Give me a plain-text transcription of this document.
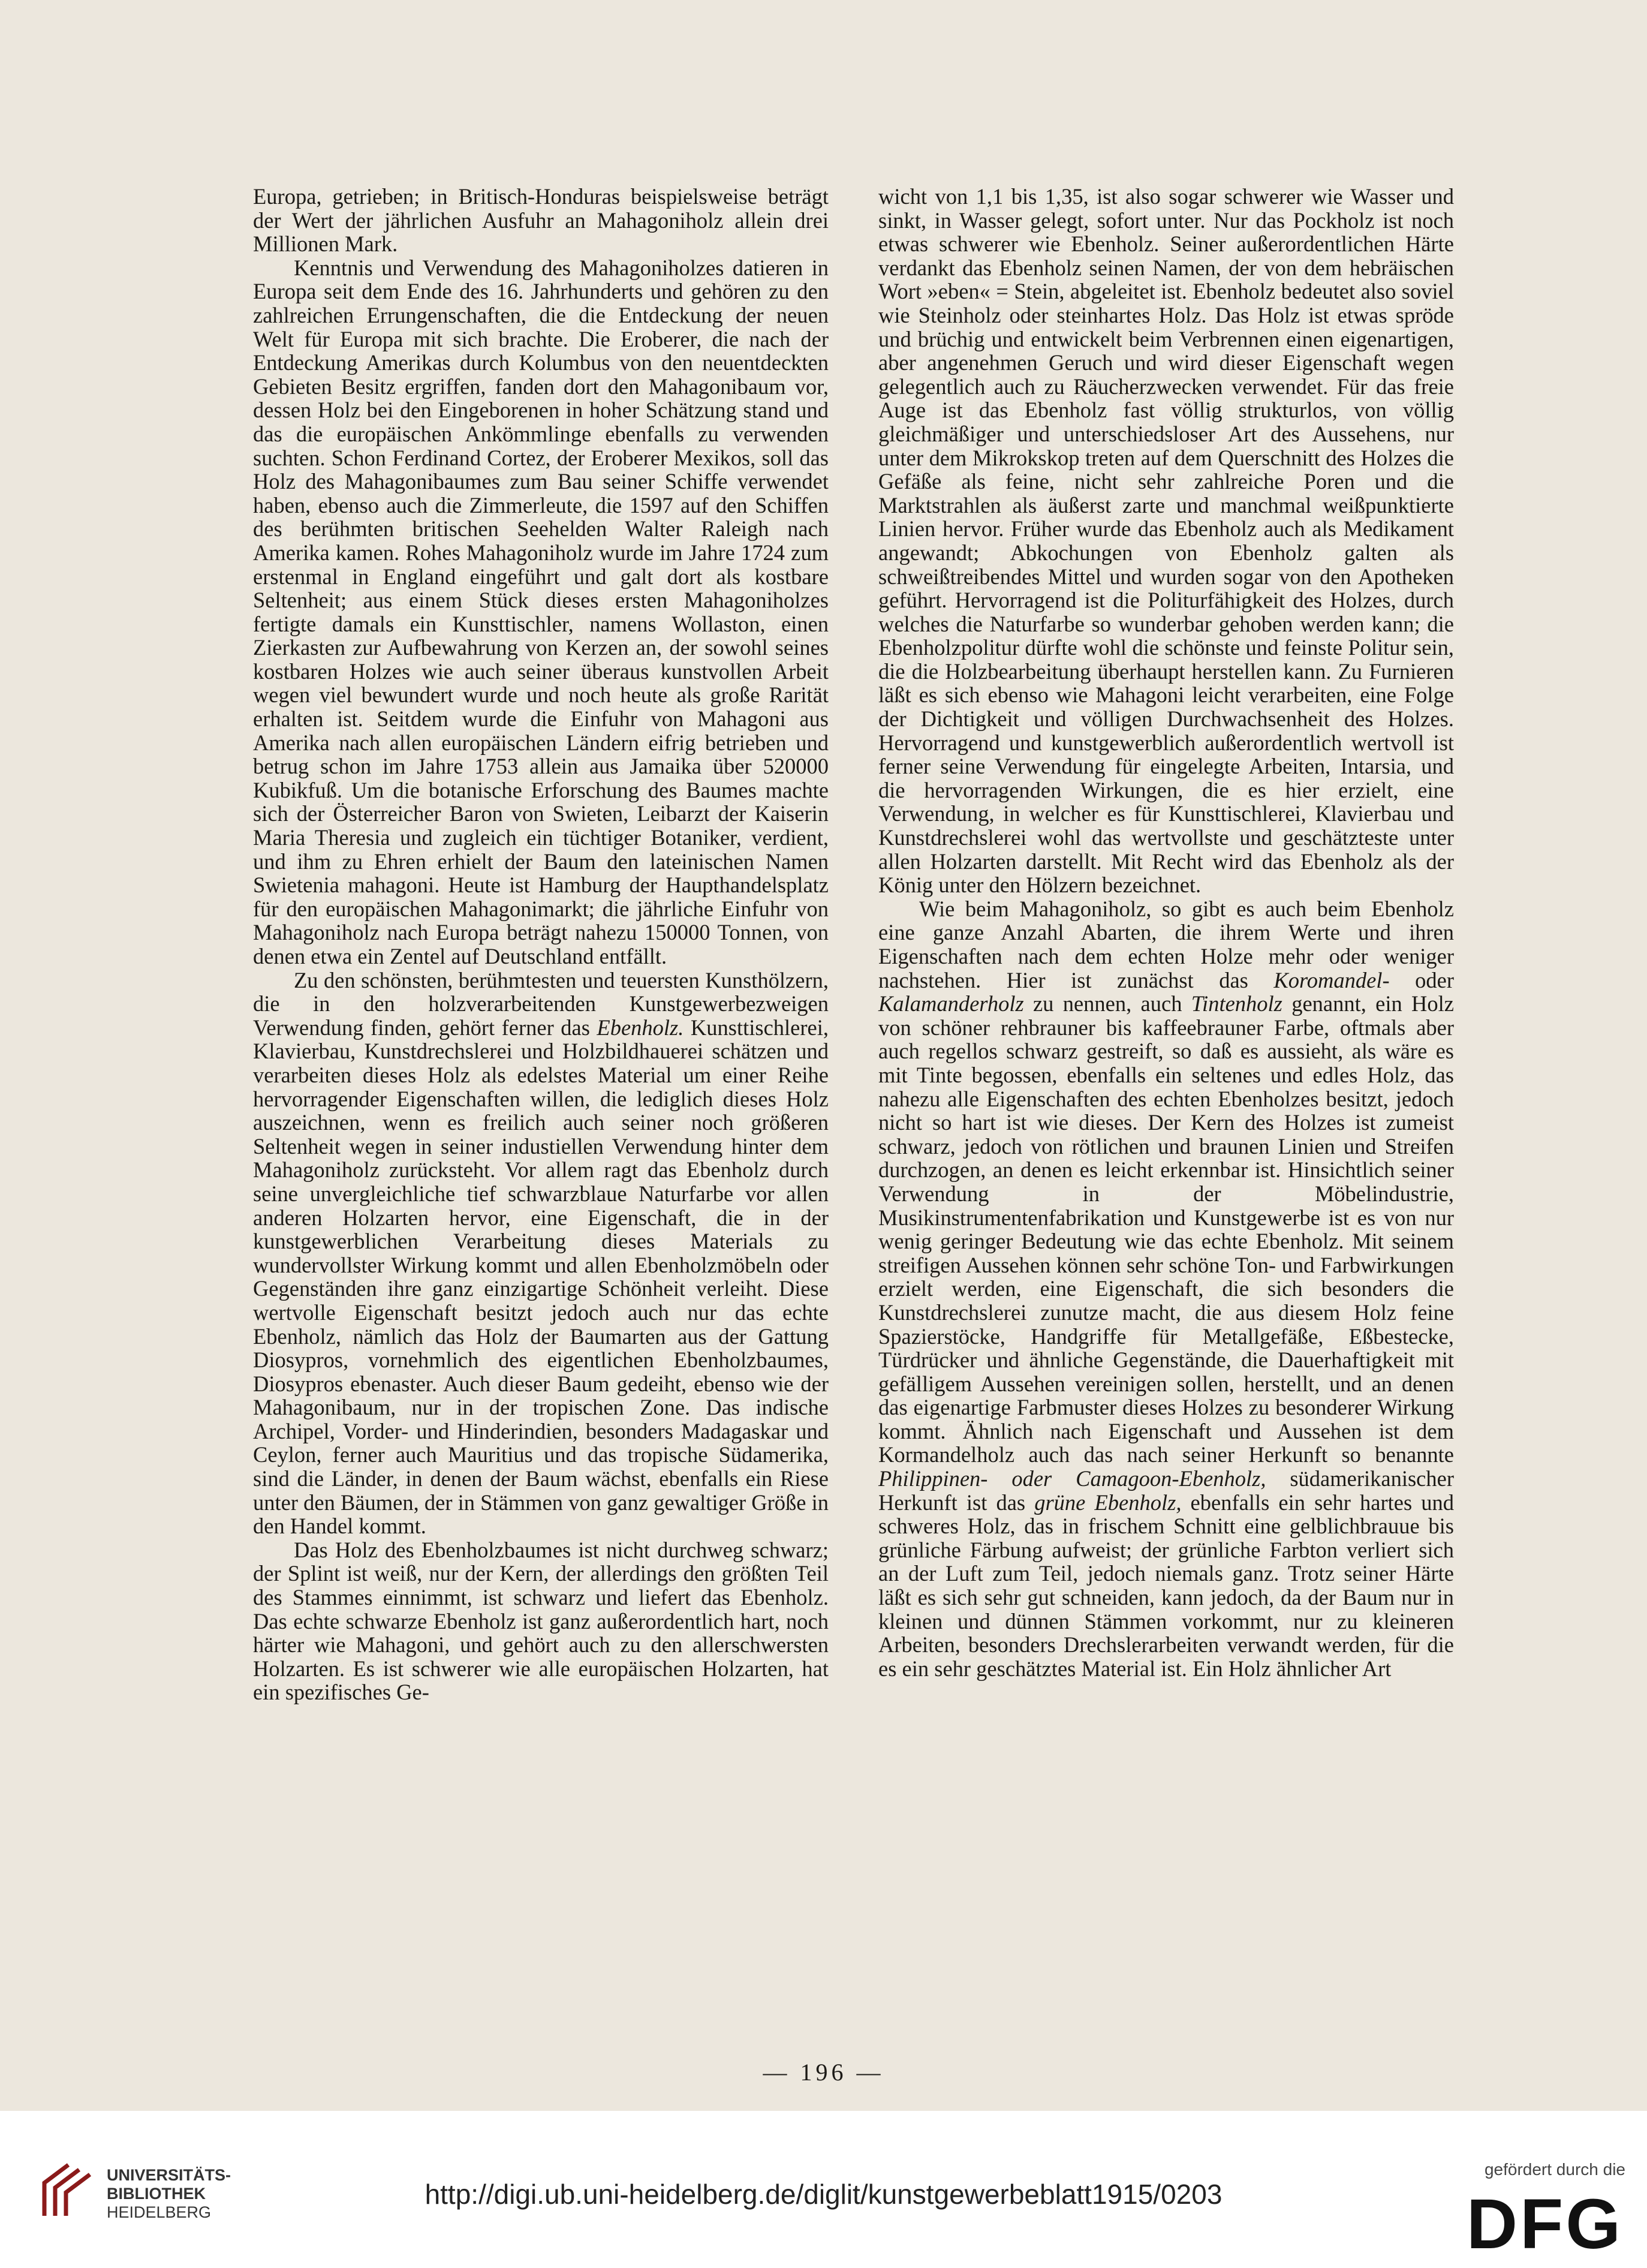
Europa, getrieben; in Britisch-Honduras beispielsweise beträgt der Wert der jährlichen Ausfuhr an Mahagoniholz allein drei Millionen Mark.

Kenntnis und Verwendung des Mahagoniholzes datieren in Europa seit dem Ende des 16. Jahrhunderts und gehören zu den zahlreichen Errungenschaften, die die Entdeckung der neuen Welt für Europa mit sich brachte. Die Eroberer, die nach der Entdeckung Amerikas durch Kolumbus von den neuentdeckten Gebieten Besitz ergriffen, fanden dort den Mahagonibaum vor, dessen Holz bei den Eingeborenen in hoher Schätzung stand und das die europäischen Ankömmlinge ebenfalls zu verwenden suchten. Schon Ferdinand Cortez, der Eroberer Mexikos, soll das Holz des Mahagonibaumes zum Bau seiner Schiffe verwendet haben, ebenso auch die Zimmerleute, die 1597 auf den Schiffen des berühmten britischen Seehelden Walter Raleigh nach Amerika kamen. Rohes Mahagoniholz wurde im Jahre 1724 zum erstenmal in England eingeführt und galt dort als kostbare Seltenheit; aus einem Stück dieses ersten Mahagoniholzes fertigte damals ein Kunsttischler, namens Wollaston, einen Zierkasten zur Aufbewahrung von Kerzen an, der sowohl seines kostbaren Holzes wie auch seiner überaus kunstvollen Arbeit wegen viel bewundert wurde und noch heute als große Rarität erhalten ist. Seitdem wurde die Einfuhr von Mahagoni aus Amerika nach allen europäischen Ländern eifrig betrieben und betrug schon im Jahre 1753 allein aus Jamaika über 520000 Kubikfuß. Um die botanische Erforschung des Baumes machte sich der Österreicher Baron von Swieten, Leibarzt der Kaiserin Maria Theresia und zugleich ein tüchtiger Botaniker, verdient, und ihm zu Ehren erhielt der Baum den lateinischen Namen Swietenia mahagoni. Heute ist Hamburg der Haupthandelsplatz für den europäischen Mahagonimarkt; die jährliche Einfuhr von Mahagoniholz nach Europa beträgt nahezu 150000 Tonnen, von denen etwa ein Zentel auf Deutschland entfällt.

Zu den schönsten, berühmtesten und teuersten Kunsthölzern, die in den holzverarbeitenden Kunstgewerbezweigen Verwendung finden, gehört ferner das Ebenholz. Kunsttischlerei, Klavierbau, Kunstdrechslerei und Holzbildhauerei schätzen und verarbeiten dieses Holz als edelstes Material um einer Reihe hervorragender Eigenschaften willen, die lediglich dieses Holz auszeichnen, wenn es freilich auch seiner noch größeren Seltenheit wegen in seiner industiellen Verwendung hinter dem Mahagoniholz zurücksteht. Vor allem ragt das Ebenholz durch seine unvergleichliche tief schwarzblaue Naturfarbe vor allen anderen Holzarten hervor, eine Eigenschaft, die in der kunstgewerblichen Verarbeitung dieses Materials zu wundervollster Wirkung kommt und allen Ebenholzmöbeln oder Gegenständen ihre ganz einzigartige Schönheit verleiht. Diese wertvolle Eigenschaft besitzt jedoch auch nur das echte Ebenholz, nämlich das Holz der Baumarten aus der Gattung Diosypros, vornehmlich des eigentlichen Ebenholzbaumes, Diosypros ebenaster. Auch dieser Baum gedeiht, ebenso wie der Mahagonibaum, nur in der tropischen Zone. Das indische Archipel, Vorder- und Hinderindien, besonders Madagaskar und Ceylon, ferner auch Mauritius und das tropische Südamerika, sind die Länder, in denen der Baum wächst, ebenfalls ein Riese unter den Bäumen, der in Stämmen von ganz gewaltiger Größe in den Handel kommt.

Das Holz des Ebenholzbaumes ist nicht durchweg schwarz; der Splint ist weiß, nur der Kern, der allerdings den größten Teil des Stammes einnimmt, ist schwarz und liefert das Ebenholz. Das echte schwarze Ebenholz ist ganz außerordentlich hart, noch härter wie Mahagoni, und gehört auch zu den allerschwersten Holzarten. Es ist schwerer wie alle europäischen Holzarten, hat ein spezifisches Ge-

wicht von 1,1 bis 1,35, ist also sogar schwerer wie Wasser und sinkt, in Wasser gelegt, sofort unter. Nur das Pockholz ist noch etwas schwerer wie Ebenholz. Seiner außerordentlichen Härte verdankt das Ebenholz seinen Namen, der von dem hebräischen Wort »eben« = Stein, abgeleitet ist. Ebenholz bedeutet also soviel wie Steinholz oder steinhartes Holz. Das Holz ist etwas spröde und brüchig und entwickelt beim Verbrennen einen eigenartigen, aber angenehmen Geruch und wird dieser Eigenschaft wegen gelegentlich auch zu Räucherzwecken verwendet. Für das freie Auge ist das Ebenholz fast völlig strukturlos, von völlig gleichmäßiger und unterschiedsloser Art des Aussehens, nur unter dem Mikrokskop treten auf dem Querschnitt des Holzes die Gefäße als feine, nicht sehr zahlreiche Poren und die Marktstrahlen als äußerst zarte und manchmal weißpunktierte Linien hervor. Früher wurde das Ebenholz auch als Medikament angewandt; Abkochungen von Ebenholz galten als schweißtreibendes Mittel und wurden sogar von den Apotheken geführt. Hervorragend ist die Politurfähigkeit des Holzes, durch welches die Naturfarbe so wunderbar gehoben werden kann; die Ebenholzpolitur dürfte wohl die schönste und feinste Politur sein, die die Holzbearbeitung überhaupt herstellen kann. Zu Furnieren läßt es sich ebenso wie Mahagoni leicht verarbeiten, eine Folge der Dichtigkeit und völligen Durchwachsenheit des Holzes. Hervorragend und kunstgewerblich außerordentlich wertvoll ist ferner seine Verwendung für eingelegte Arbeiten, Intarsia, und die hervorragenden Wirkungen, die es hier erzielt, eine Verwendung, in welcher es für Kunsttischlerei, Klavierbau und Kunstdrechslerei wohl das wertvollste und geschätzteste unter allen Holzarten darstellt. Mit Recht wird das Ebenholz als der König unter den Hölzern bezeichnet.

Wie beim Mahagoniholz, so gibt es auch beim Ebenholz eine ganze Anzahl Abarten, die ihrem Werte und ihren Eigenschaften nach dem echten Holze mehr oder weniger nachstehen. Hier ist zunächst das Koromandel- oder Kalamanderholz zu nennen, auch Tintenholz genannt, ein Holz von schöner rehbrauner bis kaffeebrauner Farbe, oftmals aber auch regellos schwarz gestreift, so daß es aussieht, als wäre es mit Tinte begossen, ebenfalls ein seltenes und edles Holz, das nahezu alle Eigenschaften des echten Ebenholzes besitzt, jedoch nicht so hart ist wie dieses. Der Kern des Holzes ist zumeist schwarz, jedoch von rötlichen und braunen Linien und Streifen durchzogen, an denen es leicht erkennbar ist. Hinsichtlich seiner Verwendung in der Möbelindustrie, Musikinstrumentenfabrikation und Kunstgewerbe ist es von nur wenig geringer Bedeutung wie das echte Ebenholz. Mit seinem streifigen Aussehen können sehr schöne Ton- und Farbwirkungen erzielt werden, eine Eigenschaft, die sich besonders die Kunstdrechslerei zunutze macht, die aus diesem Holz feine Spazierstöcke, Handgriffe für Metallgefäße, Eßbestecke, Türdrücker und ähnliche Gegenstände, die Dauerhaftigkeit mit gefälligem Aussehen vereinigen sollen, herstellt, und an denen das eigenartige Farbmuster dieses Holzes zu besonderer Wirkung kommt. Ähnlich nach Eigenschaft und Aussehen ist dem Kormandelholz auch das nach seiner Herkunft so benannte Philippinen- oder Camagoon-Ebenholz, südamerikanischer Herkunft ist das grüne Ebenholz, ebenfalls ein sehr hartes und schweres Holz, das in frischem Schnitt eine gelblichbrauue bis grünliche Färbung aufweist; der grünliche Farbton verliert sich an der Luft zum Teil, jedoch niemals ganz. Trotz seiner Härte läßt es sich sehr gut schneiden, kann jedoch, da der Baum nur in kleinen und dünnen Stämmen vorkommt, nur zu kleineren Arbeiten, besonders Drechslerarbeiten verwandt werden, für die es ein sehr geschätztes Material ist. Ein Holz ähnlicher Art

— 196 —
UNIVERSITÄTS-
BIBLIOTHEK
HEIDELBERG
http://digi.ub.uni-heidelberg.de/diglit/kunstgewerbeblatt1915/0203
gefördert durch die
DFG
